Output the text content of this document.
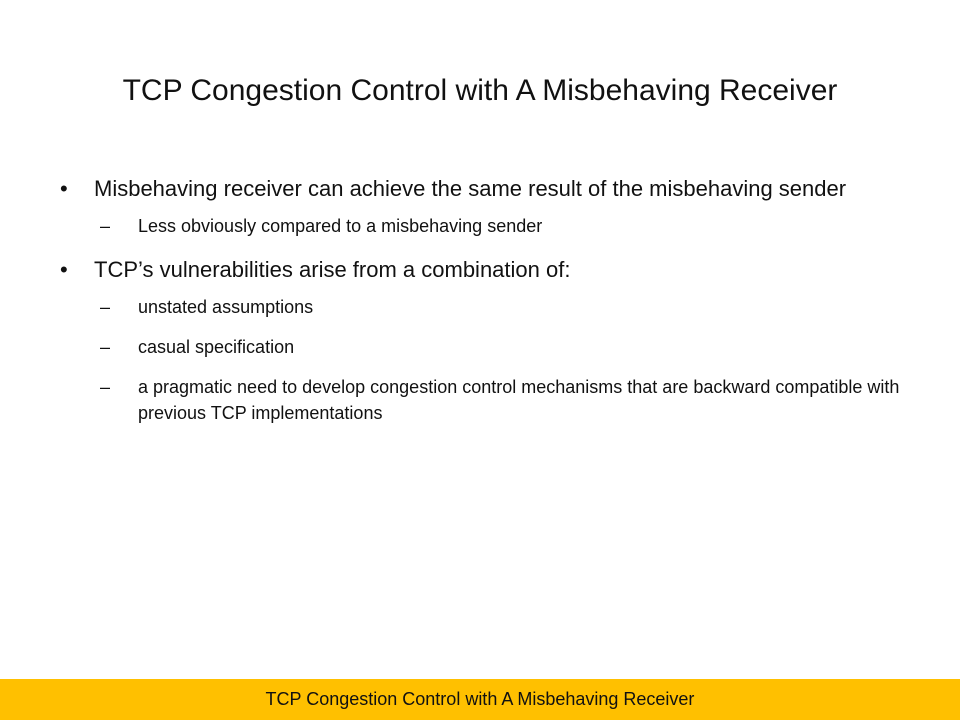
TCP Congestion Control with A Misbehaving Receiver
•	Misbehaving receiver can achieve the same result of the misbehaving sender
– Less obviously compared to a misbehaving sender
•	TCP’s vulnerabilities arise from a combination of:
– unstated assumptions
– casual specification
– a pragmatic need to develop congestion control mechanisms that are backward compatible with previous TCP implementations
TCP Congestion Control with A Misbehaving Receiver
